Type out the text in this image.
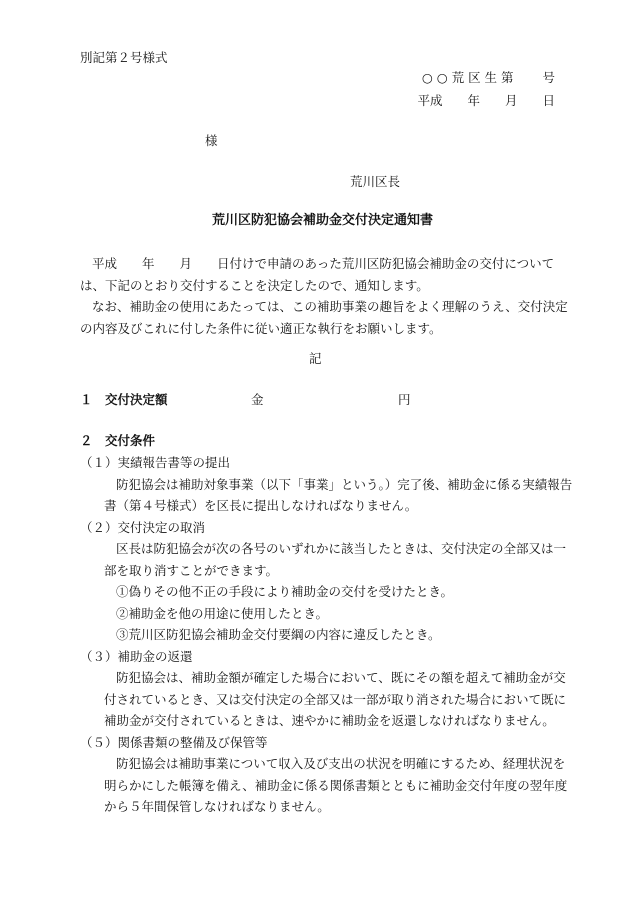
別記第２号様式

○ ○ 荒 区 生 第 　　号

平成　　年　　月　　日

様

荒川区長

荒川区防犯協会補助金交付決定通知書

平成　　年　　月　　日付けで申請のあった荒川区防犯協会補助金の交付について
は、下記のとおり交付することを決定したので、通知します。
なお、補助金の使用にあたっては、この補助事業の趣旨をよく理解のうえ、交付決定
の内容及びこれに付した条件に従い適正な執行をお願いします。

記

１　交付決定額	金	円

２　交付条件

（１）実績報告書等の提出
防犯協会は補助対象事業（以下「事業」という。）完了後、補助金に係る実績報告
書（第４号様式）を区長に提出しなければなりません。
（２）交付決定の取消
区長は防犯協会が次の各号のいずれかに該当したときは、交付決定の全部又は一
部を取り消すことができます。
①偽りその他不正の手段により補助金の交付を受けたとき。
②補助金を他の用途に使用したとき。
③荒川区防犯協会補助金交付要綱の内容に違反したとき。
（３）補助金の返還
防犯協会は、補助金額が確定した場合において、既にその額を超えて補助金が交
付されているとき、又は交付決定の全部又は一部が取り消された場合において既に
補助金が交付されているときは、速やかに補助金を返還しなければなりません。
（５）関係書類の整備及び保管等
防犯協会は補助事業について収入及び支出の状況を明確にするため、経理状況を
明らかにした帳簿を備え、補助金に係る関係書類とともに補助金交付年度の翌年度
から５年間保管しなければなりません。
